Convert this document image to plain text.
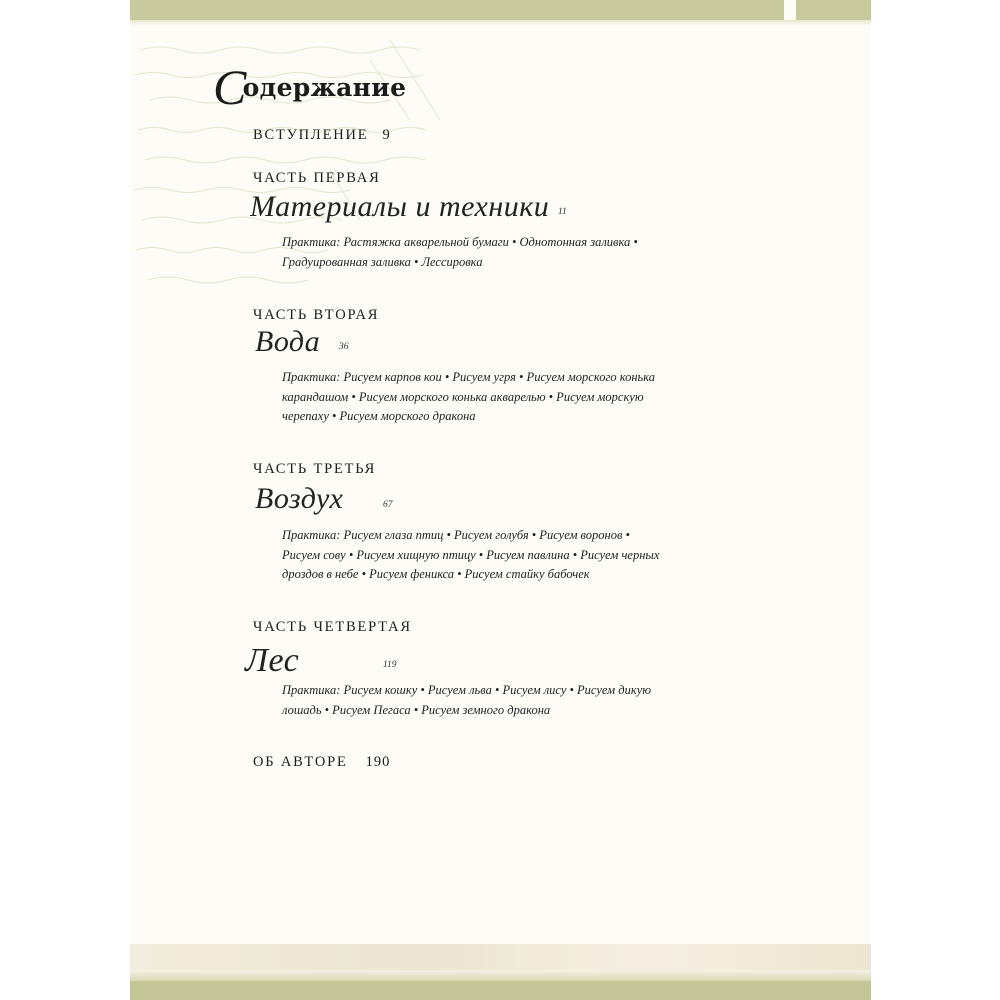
Содержание
ВСТУПЛЕНИЕ 9
ЧАСТЬ ПЕРВАЯ
Материалы и техники 11
Практика: Растяжка акварельной бумаги • Однотонная заливка •
Градуированная заливка • Лессировка
ЧАСТЬ ВТОРАЯ
Вода 36
Практика: Рисуем карпов кои • Рисуем угря • Рисуем морского конька
карандашом • Рисуем морского конька акварелью • Рисуем морскую
черепаху • Рисуем морского дракона
ЧАСТЬ ТРЕТЬЯ
Воздух	67
Практика: Рисуем глаза птиц • Рисуем голубя • Рисуем воронов •
Рисуем сову • Рисуем хищную птицу • Рисуем павлина • Рисуем черных
дроздов в небе • Рисуем феникса • Рисуем стайку бабочек
ЧАСТЬ ЧЕТВЕРТАЯ
Лес	119
Практика: Рисуем кошку • Рисуем льва • Рисуем лису • Рисуем дикую
лошадь • Рисуем Пегаса • Рисуем земного дракона
ОБ АВТОРЕ 190
